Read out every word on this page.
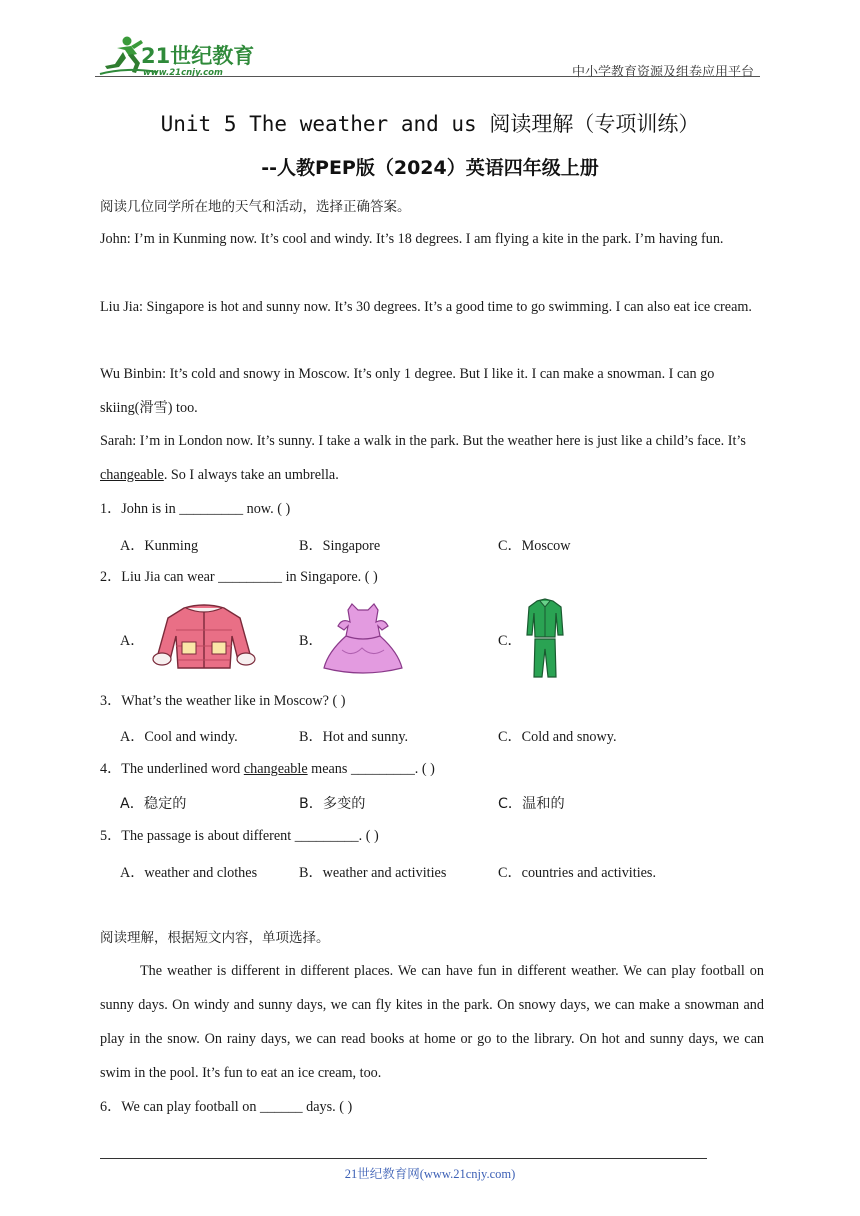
21世纪教育
www.21cnjy.com	中小学教育资源及组卷应用平台
Unit 5 The weather and us 阅读理解（专项训练）
--人教PEP版（2024）英语四年级上册
阅读几位同学所在地的天气和活动，选择正确答案。
John: I’m in Kunming now. It’s cool and windy. It’s 18 degrees. I am flying a kite in the park. I’m having fun.
Liu Jia: Singapore is hot and sunny now. It’s 30 degrees. It’s a good time to go swimming. I can also eat ice cream.
Wu Binbin: It’s cold and snowy in Moscow. It’s only 1 degree. But I like it. I can make a snowman. I can go skiing(滑雪) too.
Sarah: I’m in London now. It’s sunny. I take a walk in the park. But the weather here is just like a child’s face. It’s changeable. So I always take an umbrella.
1．John is in _________ now. ( )
A．Kunming	B．Singapore	C．Moscow
2．Liu Jia can wear _________ in Singapore. ( )
A．	B．	C．
3．What’s the weather like in Moscow? ( )
A．Cool and windy.	B．Hot and sunny.	C．Cold and snowy.
4．The underlined word changeable means _________. ( )
A．稳定的	B．多变的	C．温和的
5．The passage is about different _________. ( )
A．weather and clothes	B．weather and activities	C．countries and activities.
阅读理解，根据短文内容，单项选择。
The weather is different in different places. We can have fun in different weather. We can play football on sunny days. On windy and sunny days, we can fly kites in the park. On snowy days, we can make a snowman and play in the snow. On rainy days, we can read books at home or go to the library. On hot and sunny days, we can swim in the pool. It’s fun to eat an ice cream, too.
6．We can play football on ______ days. ( )
21世纪教育网(www.21cnjy.com)
